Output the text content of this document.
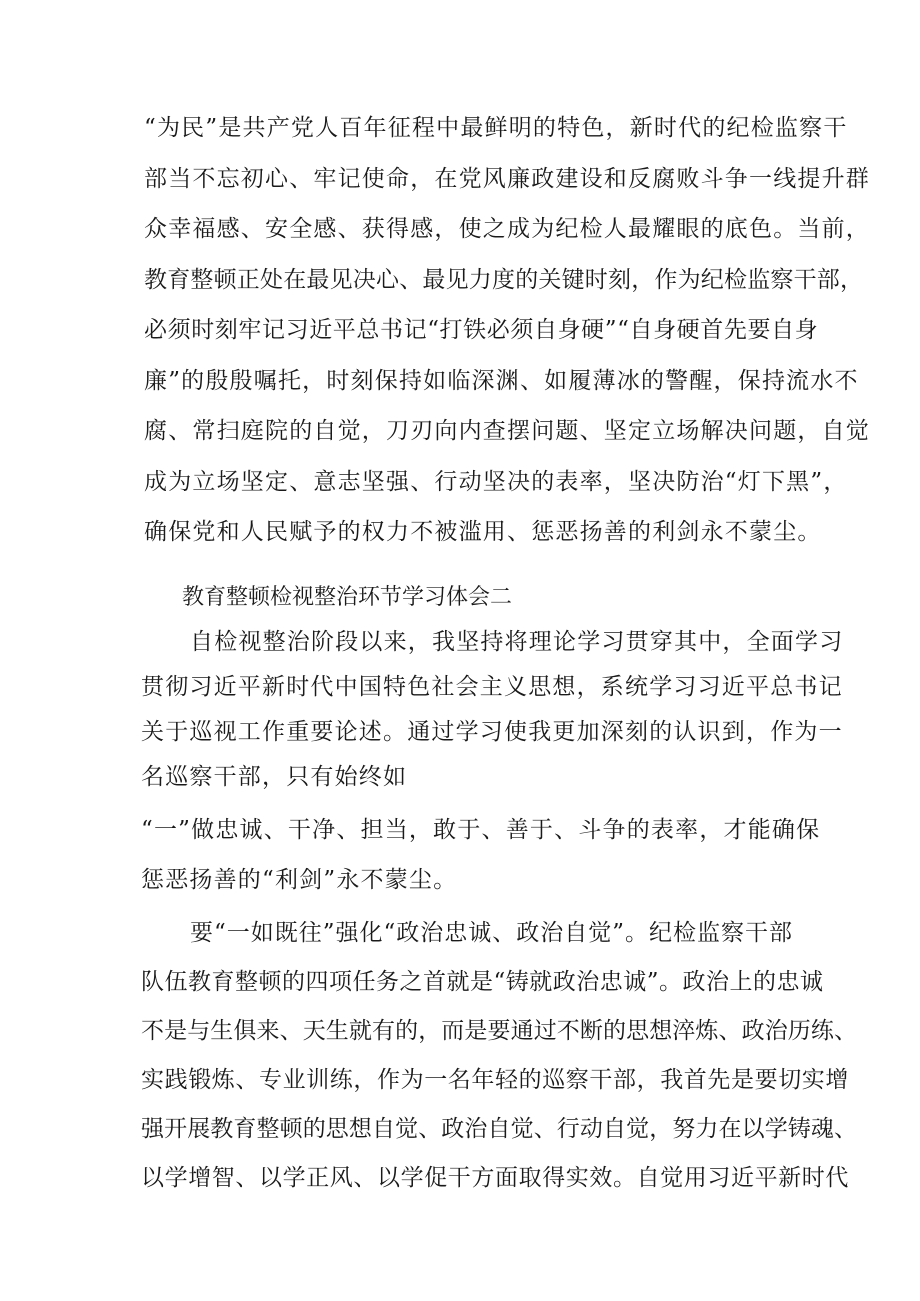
“为民”是共产党人百年征程中最鲜明的特色，新时代的纪检监察干

部当不忘初心、牢记使命，在党风廉政建设和反腐败斗争一线提升群

众幸福感、安全感、获得感，使之成为纪检人最耀眼的底色。当前，

教育整顿正处在最见决心、最见力度的关键时刻，作为纪检监察干部，

必须时刻牢记习近平总书记“打铁必须自身硬”“自身硬首先要自身

廉”的殷殷嘱托，时刻保持如临深渊、如履薄冰的警醒，保持流水不

腐、常扫庭院的自觉，刀刃向内查摆问题、坚定立场解决问题，自觉

成为立场坚定、意志坚强、行动坚决的表率，坚决防治“灯下黑”，

确保党和人民赋予的权力不被滥用、惩恶扬善的利剑永不蒙尘。

教育整顿检视整治环节学习体会二

自检视整治阶段以来，我坚持将理论学习贯穿其中，全面学习

贯彻习近平新时代中国特色社会主义思想，系统学习习近平总书记

关于巡视工作重要论述。通过学习使我更加深刻的认识到，作为一

名巡察干部，只有始终如

“一”做忠诚、干净、担当，敢于、善于、斗争的表率，才能确保

惩恶扬善的“利剑”永不蒙尘。

要“一如既往”强化“政治忠诚、政治自觉”。纪检监察干部

队伍教育整顿的四项任务之首就是“铸就政治忠诚”。政治上的忠诚

不是与生俱来、天生就有的，而是要通过不断的思想淬炼、政治历练、

实践锻炼、专业训练，作为一名年轻的巡察干部，我首先是要切实增

强开展教育整顿的思想自觉、政治自觉、行动自觉，努力在以学铸魂、

以学增智、以学正风、以学促干方面取得实效。自觉用习近平新时代
